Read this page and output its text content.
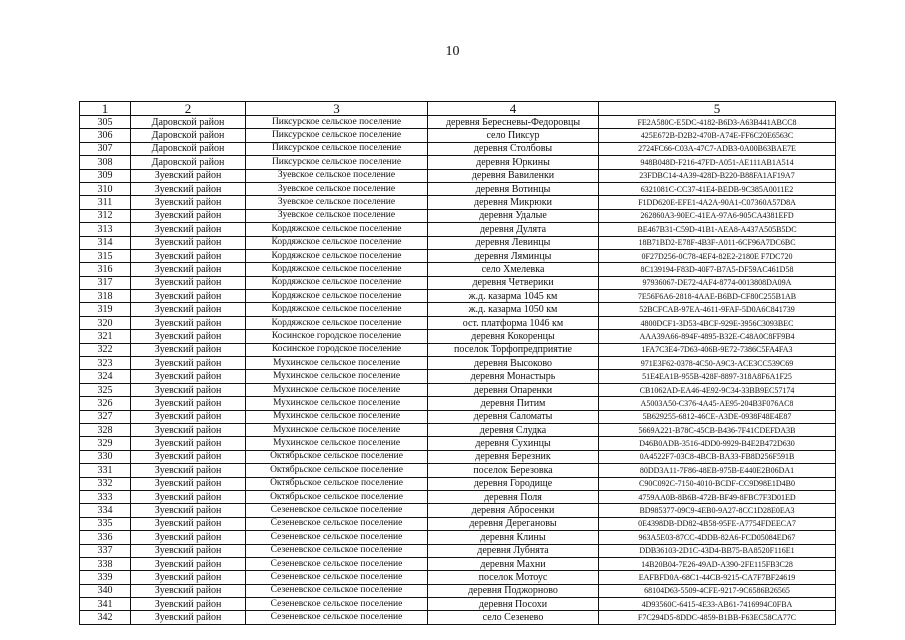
10
1	2	3	4	5
305	Даровской район	Пиксурское сельское поселение	деревня Бересневы-Федоровцы	FE2A580C-E5DC-4182-B6D3-A63B441ABCC8
306	Даровской район	Пиксурское сельское поселение	село Пиксур	425E672B-D2B2-470B-A74E-FF6C20E6563C
307	Даровской район	Пиксурское сельское поселение	деревня Столбовы	2724FC66-C03A-47C7-ADB3-0A00B63BAE7E
308	Даровской район	Пиксурское сельское поселение	деревня Юркины	948B048D-F216-47FD-A051-AE111AB1A514
309	Зуевский район	Зуевское сельское поселение	деревня Вавиленки	23FDBC14-4A39-428D-B220-B88FA1AF19A7
310	Зуевский район	Зуевское сельское поселение	деревня Вотинцы	6321081C-CC37-41E4-BEDB-9C385A0011E2
311	Зуевский район	Зуевское сельское поселение	деревня Микрюки	F1DD620E-EFE1-4A2A-90A1-C07360A57D8A
312	Зуевский район	Зуевское сельское поселение	деревня Удалые	262860A3-90EC-41EA-97A6-905CA4381EFD
313	Зуевский район	Кордяжское сельское поселение	деревня Дулята	BE467B31-C59D-41B1-AEA8-A437A505B5DC
314	Зуевский район	Кордяжское сельское поселение	деревня Левинцы	18B71BD2-E78F-4B3F-A011-6CF96A7DC6BC
315	Зуевский район	Кордяжское сельское поселение	деревня Ляминцы	0F27D256-0C78-4EF4-82E2-2180E F7DC720
316	Зуевский район	Кордяжское сельское поселение	село Хмелевка	8C139194-F83D-40F7-B7A5-DF59AC461D58
317	Зуевский район	Кордяжское сельское поселение	деревня Четверики	97936067-DE72-4AF4-8774-0013808DA09A
318	Зуевский район	Кордяжское сельское поселение	ж.д. казарма 1045 км	7E56F6A6-2818-4AAE-B6BD-CF80C255B1AB
319	Зуевский район	Кордяжское сельское поселение	ж.д. казарма 1050 км	52BCFCAB-97EA-4611-9FAF-5D0A6C841739
320	Зуевский район	Кордяжское сельское поселение	ост. платформа 1046 км	4800DCF1-3D53-4BCF-929E-3956C3093BEC
321	Зуевский район	Косинское городское поселение	деревня Кокоренцы	AAA39A66-894F-4895-B32E-C48A0C8FF9B4
322	Зуевский район	Косинское городское поселение	поселок Торфопредприятие	1FA7C3E4-7D63-406B-9E72-7386C5FA4FA3
323	Зуевский район	Мухинское сельское поселение	деревня Высоково	971E3F62-0378-4C50-A9C3-ACE3CC539C69
324	Зуевский район	Мухинское сельское поселение	деревня Монастырь	51E4EA1B-955B-428F-8897-318A8F6A1F25
325	Зуевский район	Мухинское сельское поселение	деревня Опаренки	CB1062AD-EA46-4E92-9C34-33BB9EC57174
326	Зуевский район	Мухинское сельское поселение	деревня Питим	A5003A50-C376-4A45-AE95-204B3F076AC8
327	Зуевский район	Мухинское сельское поселение	деревня Саломаты	5B629255-6812-46CE-A3DE-0938F48E4E87
328	Зуевский район	Мухинское сельское поселение	деревня Слудка	5669A221-B78C-45CB-B436-7F41CDEFDA3B
329	Зуевский район	Мухинское сельское поселение	деревня Сухинцы	D46B0ADB-3516-4DD0-9929-B4E2B472D630
330	Зуевский район	Октябрьское сельское поселение	деревня Березник	0A4522F7-03C8-4BCB-BA33-FB8D256F591B
331	Зуевский район	Октябрьское сельское поселение	поселок Березовка	80DD3A11-7F86-48EB-975B-E440E2B06DA1
332	Зуевский район	Октябрьское сельское поселение	деревня Городище	C90C092C-7150-4010-BCDF-CC9D98E1D4B0
333	Зуевский район	Октябрьское сельское поселение	деревня Поля	4759AA0B-8B6B-472B-BF49-8FBC7F3D01ED
334	Зуевский район	Сезеневское сельское поселение	деревня Абросенки	BD985377-09C9-4EB0-9A27-8CC1D28E0EA3
335	Зуевский район	Сезеневское сельское поселение	деревня Дерегановы	0E4398DB-DD82-4B58-95FE-A7754FDEECA7
336	Зуевский район	Сезеневское сельское поселение	деревня Клины	963A5E03-87CC-4DDB-82A6-FCD05084ED67
337	Зуевский район	Сезеневское сельское поселение	деревня Лубнята	DDB36103-2D1C-43D4-BB75-BA8520F116E1
338	Зуевский район	Сезеневское сельское поселение	деревня Махни	14B20B04-7E26-49AD-A390-2FE115FB3C28
339	Зуевский район	Сезеневское сельское поселение	поселок Мотоус	EAFBFD0A-68C1-44CB-9215-CA7F7BF24619
340	Зуевский район	Сезеневское сельское поселение	деревня Поджорново	68104D63-5509-4CFE-9217-9C6586B26565
341	Зуевский район	Сезеневское сельское поселение	деревня Посохи	4D93560C-6415-4E33-AB61-7416994C0FBA
342	Зуевский район	Сезеневское сельское поселение	село Сезенево	F7C294D5-8DDC-4859-B1BB-F63EC58CA77C
